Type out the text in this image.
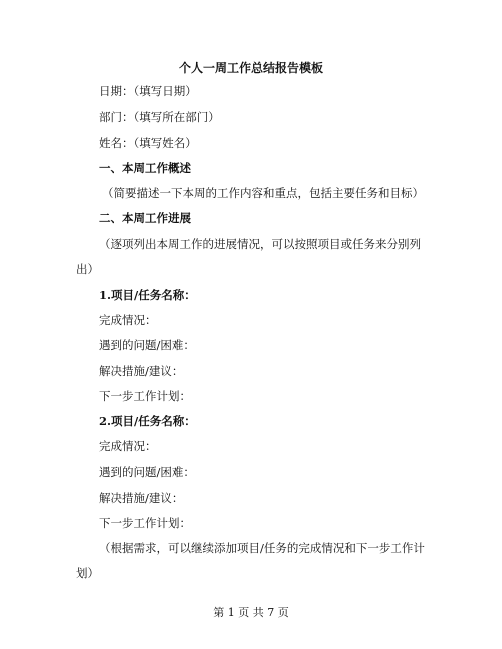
个人一周工作总结报告模板
日期：（填写日期）
部门：（填写所在部门）
姓名：（填写姓名）
一、本周工作概述
（简要描述一下本周的工作内容和重点，包括主要任务和目标）
二、本周工作进展
（逐项列出本周工作的进展情况，可以按照项目或任务来分别列
出）
1.项目/任务名称：
完成情况：
遇到的问题/困难：
解决措施/建议：
下一步工作计划：
2.项目/任务名称：
完成情况：
遇到的问题/困难：
解决措施/建议：
下一步工作计划：
（根据需求，可以继续添加项目/任务的完成情况和下一步工作计
划）
第 1 页 共 7 页
